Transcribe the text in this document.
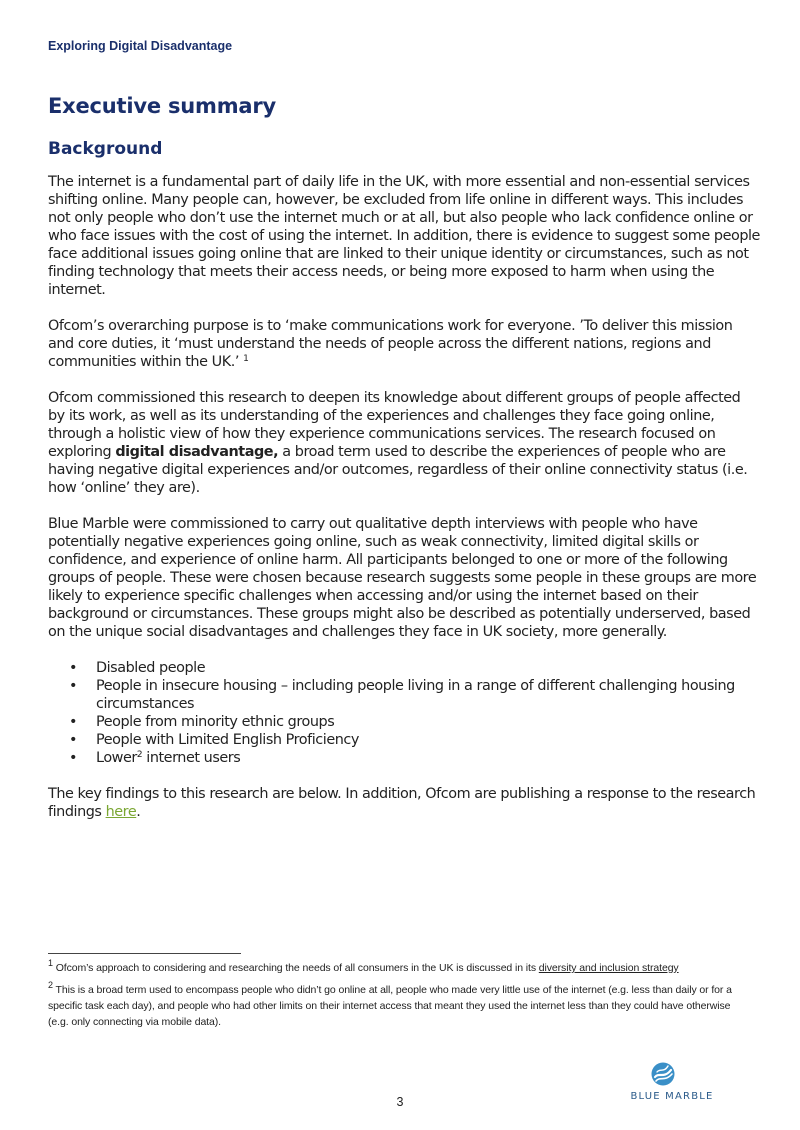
Exploring Digital Disadvantage
Executive summary
Background

The internet is a fundamental part of daily life in the UK, with more essential and non-essential services shifting online. Many people can, however, be excluded from life online in different ways. This includes not only people who don’t use the internet much or at all, but also people who lack confidence online or who face issues with the cost of using the internet. In addition, there is evidence to suggest some people face additional issues going online that are linked to their unique identity or circumstances, such as not finding technology that meets their access needs, or being more exposed to harm when using the internet.

Ofcom’s overarching purpose is to ‘make communications work for everyone. ’To deliver this mission and core duties, it ‘must understand the needs of people across the different nations, regions and communities within the UK.’ $^1$

Ofcom commissioned this research to deepen its knowledge about different groups of people affected by its work, as well as its understanding of the experiences and challenges they face going online, through a holistic view of how they experience communications services. The research focused on exploring digital disadvantage, a broad term used to describe the experiences of people who are having negative digital experiences and/or outcomes, regardless of their online connectivity status (i.e. how ‘online’ they are).

Blue Marble were commissioned to carry out qualitative depth interviews with people who have potentially negative experiences going online, such as weak connectivity, limited digital skills or confidence, and experience of online harm. All participants belonged to one or more of the following groups of people. These were chosen because research suggests some people in these groups are more likely to experience specific challenges when accessing and/or using the internet based on their background or circumstances. These groups might also be described as potentially underserved, based on the unique social disadvantages and challenges they face in UK society, more generally.

• Disabled people
• People in insecure housing – including people living in a range of different challenging housing circumstances
• People from minority ethnic groups
• People with Limited English Proficiency
• Lower$^2$ internet users

The key findings to this research are below. In addition, Ofcom are publishing a response to the research findings here.

1 Ofcom’s approach to considering and researching the needs of all consumers in the UK is discussed in its diversity and inclusion strategy

2 This is a broad term used to encompass people who didn’t go online at all, people who made very little use of the internet (e.g. less than daily or for a specific task each day), and people who had other limits on their internet access that meant they used the internet less than they could have otherwise (e.g. only connecting via mobile data).

3	BLUE MARBLE
